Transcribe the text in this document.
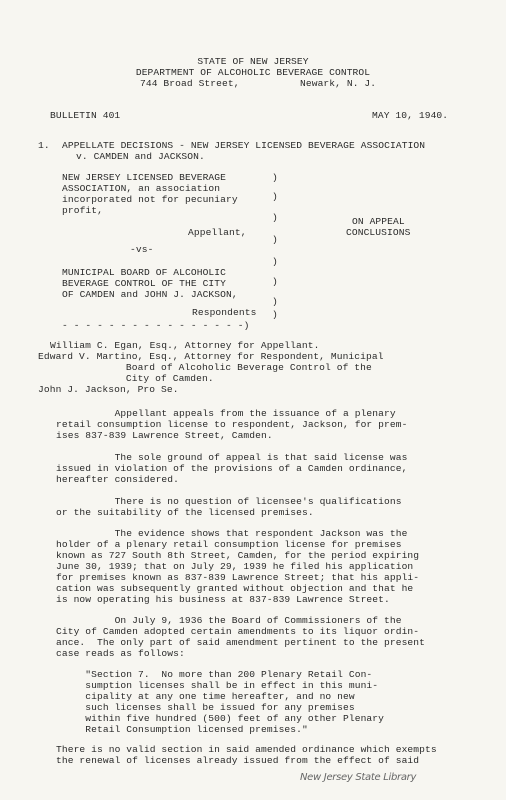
STATE OF NEW JERSEY
DEPARTMENT OF ALCOHOLIC BEVERAGE CONTROL
744 Broad Street,	Newark, N. J.
BULLETIN 401	MAY 10, 1940.
1. APPELLATE DECISIONS - NEW JERSEY LICENSED BEVERAGE ASSOCIATION
v. CAMDEN and JACKSON.
NEW JERSEY LICENSED BEVERAGE
ASSOCIATION, an association
incorporated not for pecuniary
profit,
Appellant,
-vs-
MUNICIPAL BOARD OF ALCOHOLIC
BEVERAGE CONTROL OF THE CITY
OF CAMDEN and JOHN J. JACKSON,
Respondents
- - - - - - - - - - - - - - - -)
)
)
)
)
)
)
)
)
ON APPEAL
CONCLUSIONS
William C. Egan, Esq., Attorney for Appellant.
Edward V. Martino, Esq., Attorney for Respondent, Municipal
Board of Alcoholic Beverage Control of the
City of Camden.
John J. Jackson, Pro Se.
Appellant appeals from the issuance of a plenary
retail consumption license to respondent, Jackson, for prem-
ises 837-839 Lawrence Street, Camden.
The sole ground of appeal is that said license was
issued in violation of the provisions of a Camden ordinance,
hereafter considered.
There is no question of licensee's qualifications
or the suitability of the licensed premises.
The evidence shows that respondent Jackson was the
holder of a plenary retail consumption license for premises
known as 727 South 8th Street, Camden, for the period expiring
June 30, 1939; that on July 29, 1939 he filed his application
for premises known as 837-839 Lawrence Street; that his appli-
cation was subsequently granted without objection and that he
is now operating his business at 837-839 Lawrence Street.
On July 9, 1936 the Board of Commissioners of the
City of Camden adopted certain amendments to its liquor ordin-
ance.  The only part of said amendment pertinent to the present
case reads as follows:
"Section 7.  No more than 200 Plenary Retail Con-
sumption licenses shall be in effect in this muni-
cipality at any one time hereafter, and no new
such licenses shall be issued for any premises
within five hundred (500) feet of any other Plenary
Retail Consumption licensed premises."
There is no valid section in said amended ordinance which exempts
the renewal of licenses already issued from the effect of said
New Jersey State Library
